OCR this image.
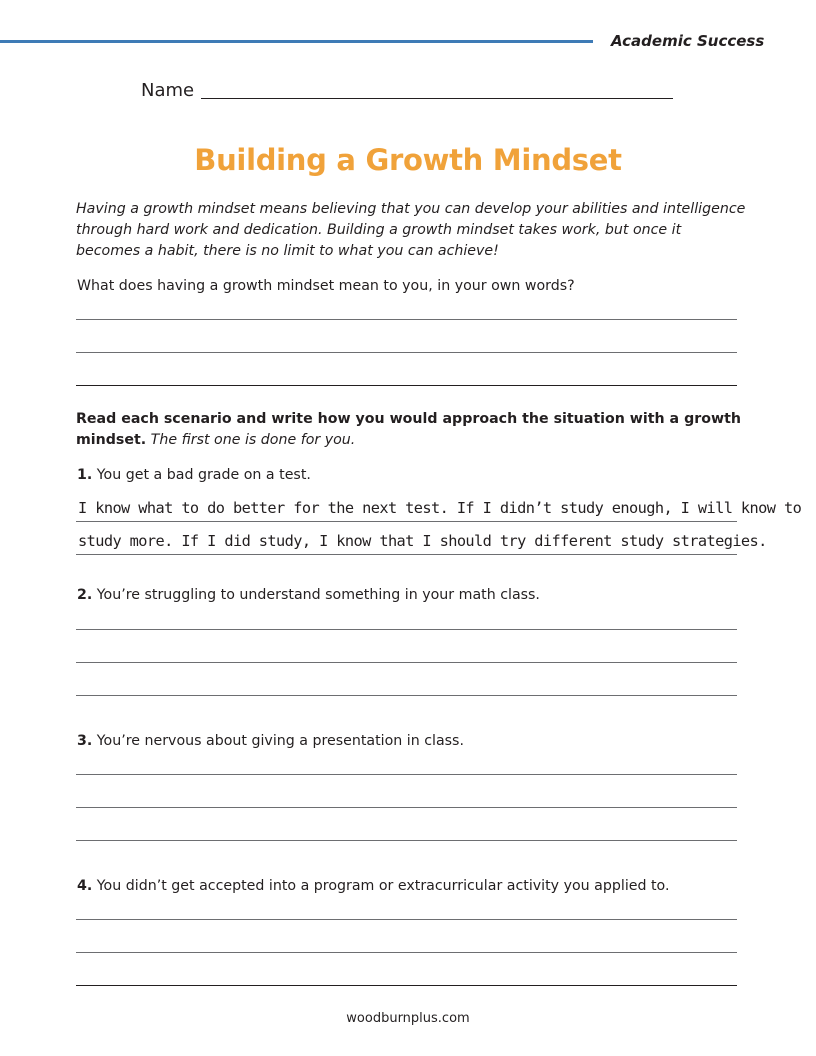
Academic Success
Name
Building a Growth Mindset
Having a growth mindset means believing that you can develop your abilities and intelligence through hard work and dedication. Building a growth mindset takes work, but once it becomes a habit, there is no limit to what you can achieve!
What does having a growth mindset mean to you, in your own words?
Read each scenario and write how you would approach the situation with a growth mindset. The first one is done for you.
1. You get a bad grade on a test.
I know what to do better for the next test. If I didn’t study enough, I will know to
study more. If I did study, I know that I should try different study strategies.
2. You’re struggling to understand something in your math class.
3. You’re nervous about giving a presentation in class.
4. You didn’t get accepted into a program or extracurricular activity you applied to.
woodburnplus.com
